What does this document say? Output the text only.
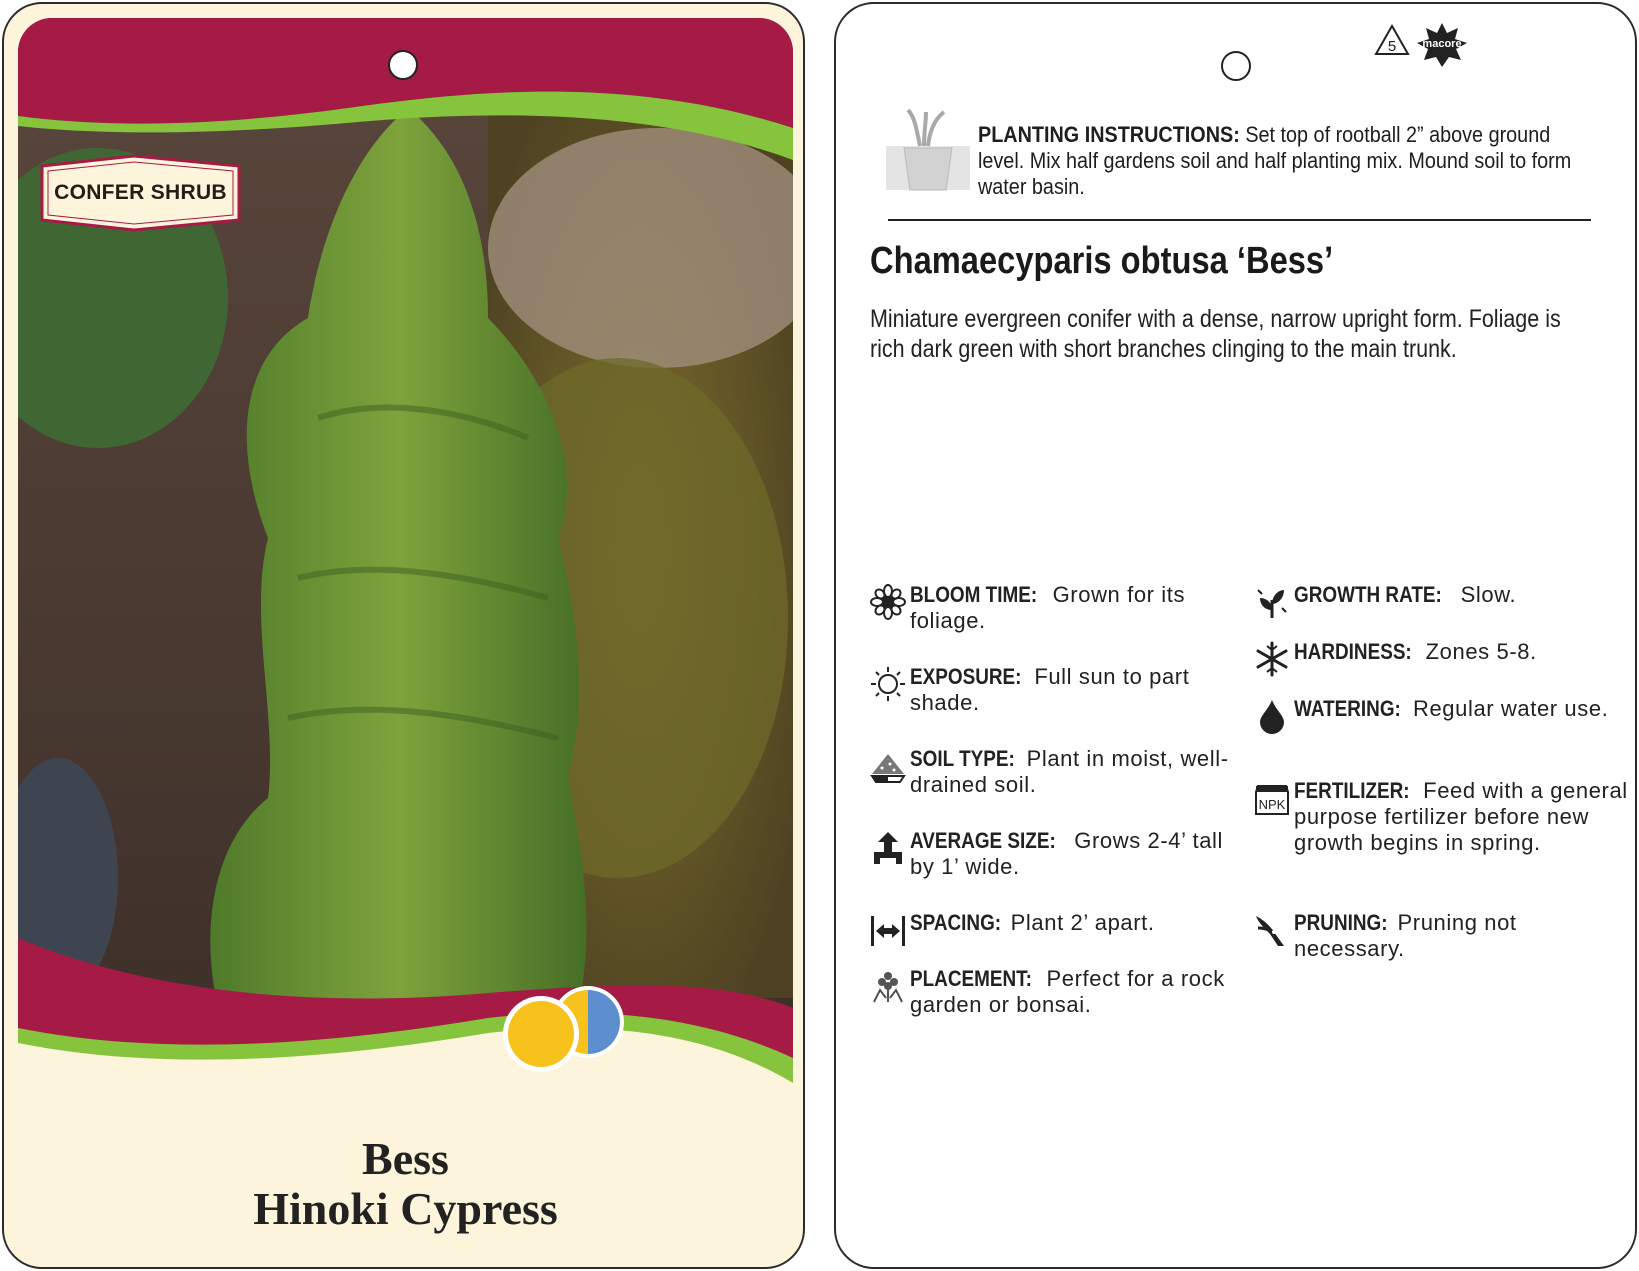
CONFER SHRUB
Bess
Hinoki Cypress
5	macore
PLANTING INSTRUCTIONS: Set top of rootball 2” above ground level. Mix half gardens soil and half planting mix. Mound soil to form water basin.
Chamaecyparis obtusa ‘Bess’
Miniature evergreen conifer with a dense, narrow upright form. Foliage is rich dark green with short branches clinging to the main trunk.
BLOOM TIME: Grown for its foliage.
EXPOSURE: Full sun to part shade.
SOIL TYPE: Plant in moist, well-drained soil.
AVERAGE SIZE: Grows 2-4’ tall by 1’ wide.
SPACING: Plant 2’ apart.
PLACEMENT: Perfect for a rock garden or bonsai.
GROWTH RATE: Slow.
HARDINESS: Zones 5-8.
WATERING: Regular water use.
NPK
FERTILIZER: Feed with a general purpose fertilizer before new growth begins in spring.
PRUNING: Pruning not necessary.
